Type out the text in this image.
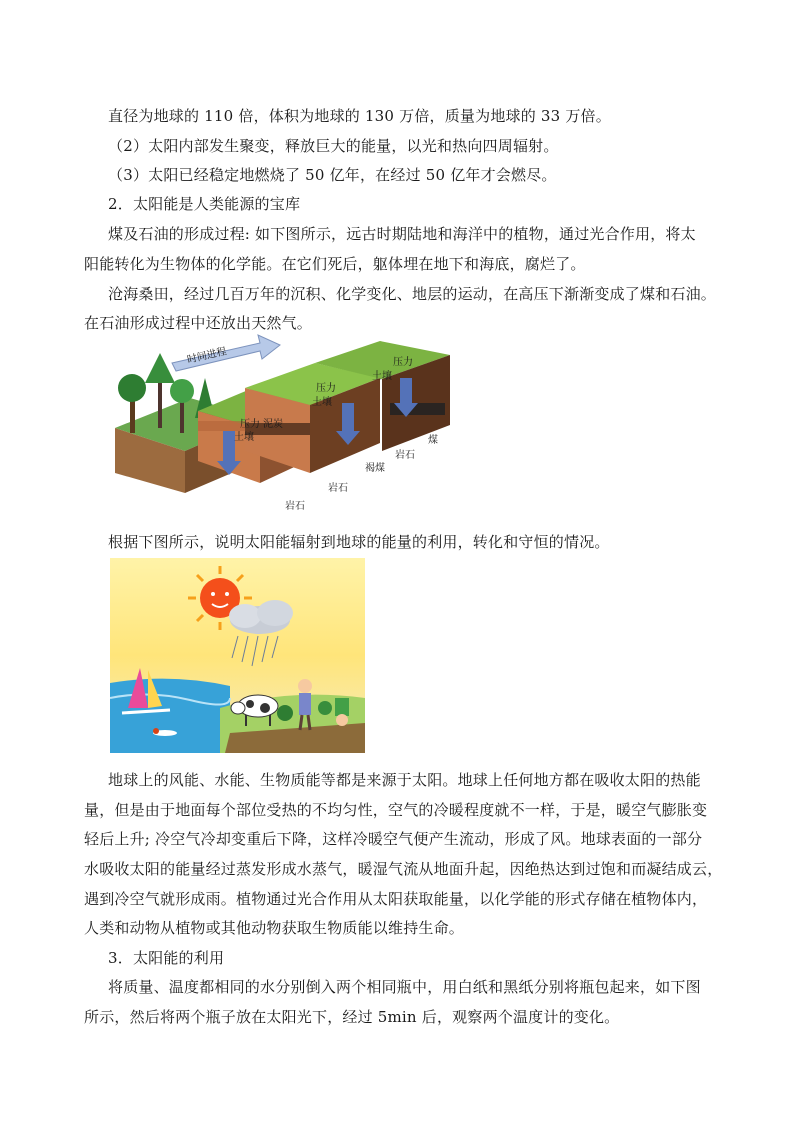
直径为地球的 110 倍，体积为地球的 130 万倍，质量为地球的 33 万倍。
（2）太阳内部发生聚变，释放巨大的能量，以光和热向四周辐射。
（3）太阳已经稳定地燃烧了 50 亿年，在经过 50 亿年才会燃尽。
2．太阳能是人类能源的宝库
煤及石油的形成过程: 如下图所示，远古时期陆地和海洋中的植物，通过光合作用，将太
阳能转化为生物体的化学能。在它们死后，躯体埋在地下和海底，腐烂了。
沧海桑田，经过几百万年的沉积、化学变化、地层的运动，在高压下渐渐变成了煤和石油。
在石油形成过程中还放出天然气。
时间进程
压力
土壤
泥炭
压力
土壤
压力
土壤
煤
岩石
褐煤
岩石
岩石
根据下图所示，说明太阳能辐射到地球的能量的利用，转化和守恒的情况。
地球上的风能、水能、生物质能等都是来源于太阳。地球上任何地方都在吸收太阳的热能
量，但是由于地面每个部位受热的不均匀性，空气的冷暖程度就不一样，于是，暖空气膨胀变
轻后上升; 冷空气冷却变重后下降，这样冷暖空气便产生流动，形成了风。地球表面的一部分
水吸收太阳的能量经过蒸发形成水蒸气，暖湿气流从地面升起，因绝热达到过饱和而凝结成云，
遇到冷空气就形成雨。植物通过光合作用从太阳获取能量，以化学能的形式存储在植物体内，
人类和动物从植物或其他动物获取生物质能以维持生命。
3．太阳能的利用
将质量、温度都相同的水分别倒入两个相同瓶中，用白纸和黑纸分别将瓶包起来，如下图
所示，然后将两个瓶子放在太阳光下，经过 5min 后，观察两个温度计的变化。
